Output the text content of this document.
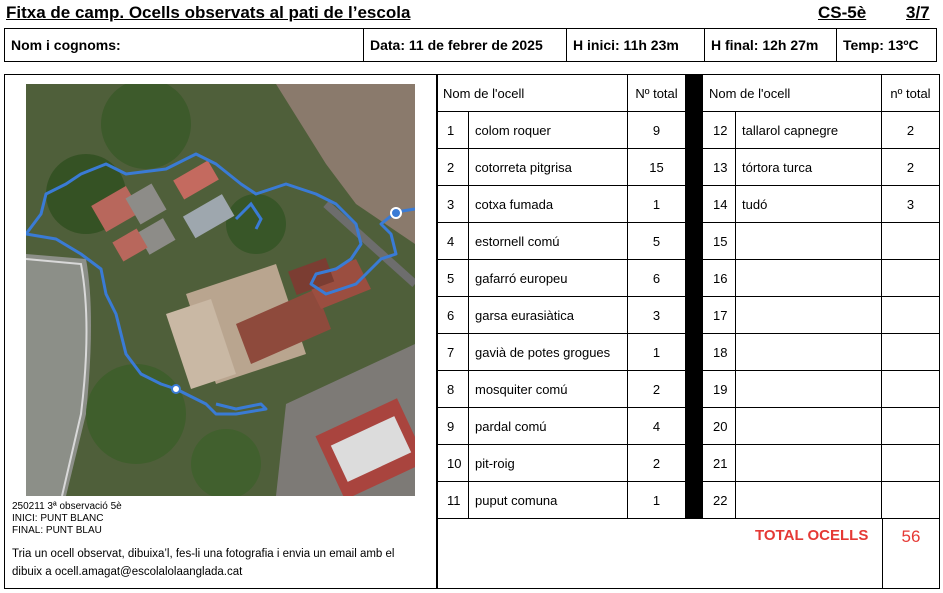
Fitxa de camp. Ocells observats al pati de l’escola	CS-5è 3/7
Nom i cognoms:	Data: 11 de febrer de 2025 H inici: 11h 23m H final: 12h 27m Temp: 13ºC
250211 3ª observació 5è
INICI: PUNT BLANC
FINAL: PUNT BLAU
Tria un ocell observat, dibuixa’l, fes-li una fotografia i envia un email amb el dibuix a ocell.amagat@escolalolaanglada.cat
Nom de l'ocell		Nº total		Nom de l'ocell		nº total
1	colom roquer	9		12	tallarol capnegre	2
2	cotorreta pitgrisa	15		13	tórtora turca	2
3	cotxa fumada	1		14	tudó	3
4	estornell comú	5		15		
5	gafarró europeu	6		16		
6	garsa eurasiàtica	3		17		
7	gavià de potes grogues	1		18		
8	mosquiter comú	2		19		
9	pardal comú	4		20		
10	pit-roig	2		21		
11	puput comuna	1		22		
TOTAL OCELLS	56
